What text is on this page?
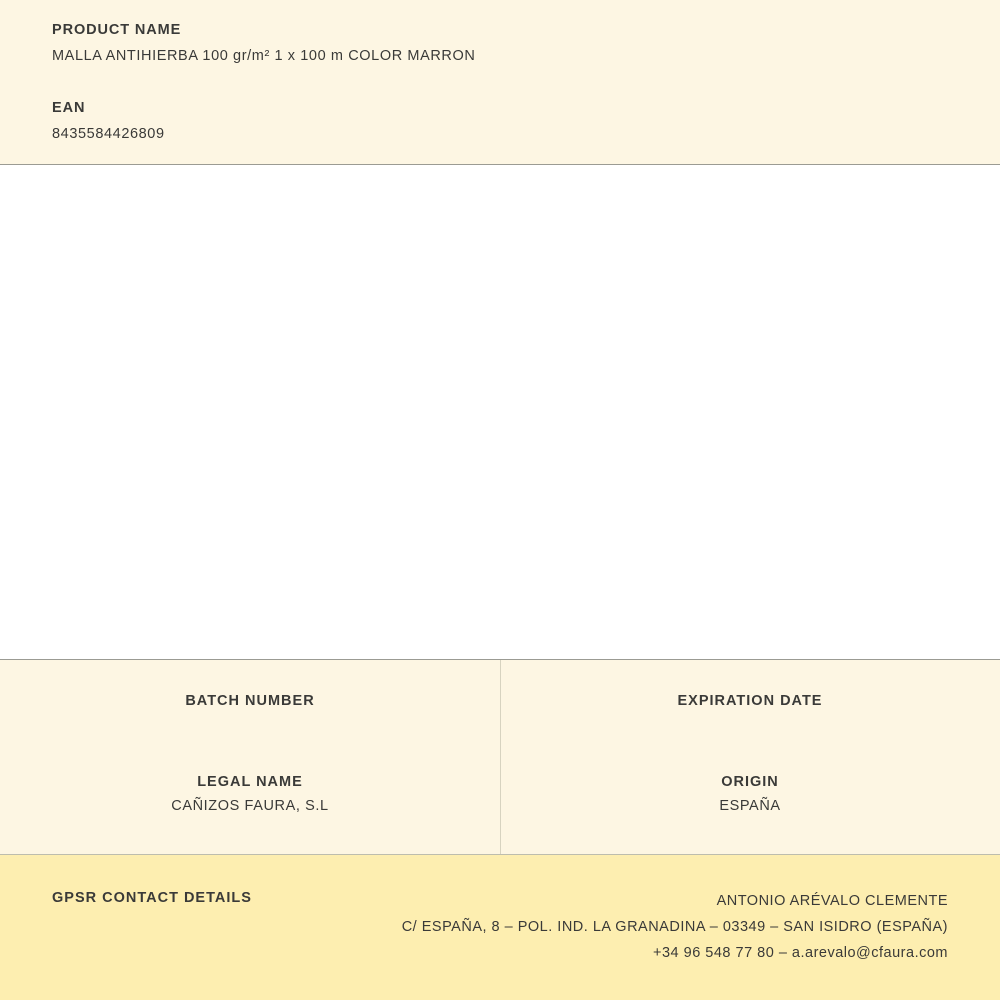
PRODUCT NAME

MALLA ANTIHIERBA 100 gr/m² 1 x 100 m COLOR MARRON

EAN

8435584426809

BATCH NUMBER	EXPIRATION DATE

LEGAL NAME

CAÑIZOS FAURA, S.L

ORIGIN

ESPAÑA

GPSR CONTACT DETAILS	ANTONIO ARÉVALO CLEMENTE
C/ ESPAÑA, 8 – POL. IND. LA GRANADINA – 03349 – SAN ISIDRO (ESPAÑA)
+34 96 548 77 80 – a.arevalo@cfaura.com
